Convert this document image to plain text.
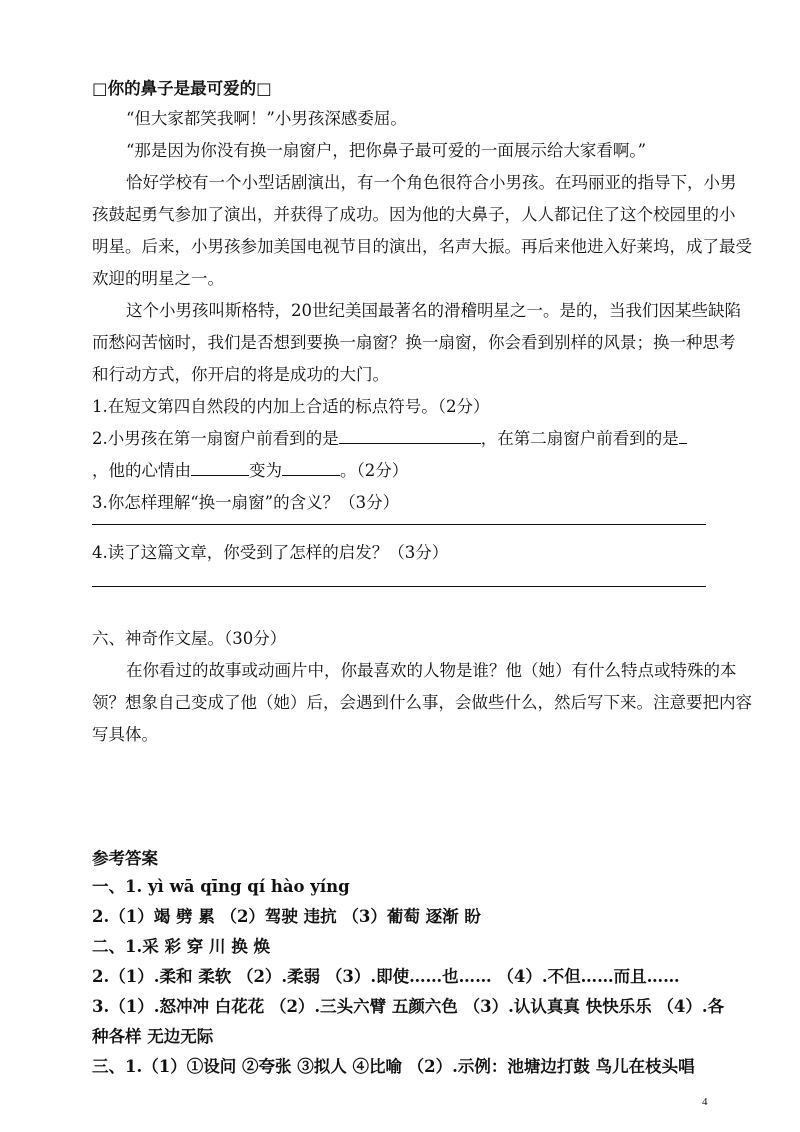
□你的鼻子是最可爱的□
“但大家都笑我啊！”小男孩深感委屈。
“那是因为你没有换一扇窗户，把你鼻子最可爱的一面展示给大家看啊。”
恰好学校有一个小型话剧演出，有一个角色很符合小男孩。在玛丽亚的指导下，小男
孩鼓起勇气参加了演出，并获得了成功。因为他的大鼻子，人人都记住了这个校园里的小
明星。后来，小男孩参加美国电视节目的演出，名声大振。再后来他进入好莱坞，成了最受
欢迎的明星之一。
这个小男孩叫斯格特，20世纪美国最著名的滑稽明星之一。是的，当我们因某些缺陷
而愁闷苦恼时，我们是否想到要换一扇窗？换一扇窗，你会看到别样的风景；换一种思考
和行动方式，你开启的将是成功的大门。
1.在短文第四自然段的内加上合适的标点符号。（2分）
2.小男孩在第一扇窗户前看到的是	，在第二扇窗户前看到的是
，他的心情由	变为	。（2分）
3.你怎样理解“换一扇窗”的含义？（3分）
4.读了这篇文章，你受到了怎样的启发？（3分）
六、神奇作文屋。（30分）
在你看过的故事或动画片中，你最喜欢的人物是谁？他（她）有什么特点或特殊的本
领？想象自己变成了他（她）后，会遇到什么事，会做些什么，然后写下来。注意要把内容
写具体。
参考答案
一、1. yì wā qīng qí hào yíng
2.（1）竭 劈 累 （2）驾驶 违抗 （3）葡萄 逐渐 盼
二、1.采 彩 穿 川 换 焕
2.（1）.柔和 柔软 （2）.柔弱 （3）.即使……也…… （4）.不但……而且……
3.（1）.怒冲冲 白花花 （2）.三头六臂 五颜六色 （3）.认认真真 快快乐乐 （4）.各
种各样 无边无际
三、1.（1）①设问 ②夸张 ③拟人 ④比喻 （2）.示例：池塘边打鼓 鸟儿在枝头唱
4
